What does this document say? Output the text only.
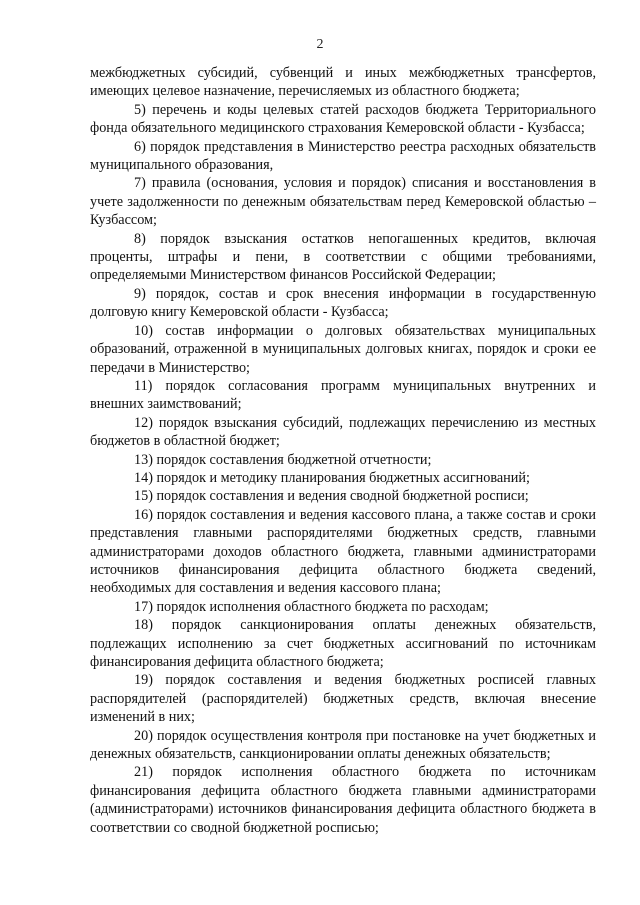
2

межбюджетных субсидий, субвенций и иных межбюджетных трансфертов, имеющих целевое назначение, перечисляемых из областного бюджета;

5) перечень и коды целевых статей расходов бюджета Территориального фонда обязательного медицинского страхования Кемеровской области - Кузбасса;

6) порядок представления в Министерство реестра расходных обязательств муниципального образования,

7) правила (основания, условия и порядок) списания и восстановления в учете задолженности по денежным обязательствам перед Кемеровской областью – Кузбассом;

8) порядок взыскания остатков непогашенных кредитов, включая проценты, штрафы и пени, в соответствии с общими требованиями, определяемыми Министерством финансов Российской Федерации;

9) порядок, состав и срок внесения информации в государственную долговую книгу Кемеровской области - Кузбасса;

10) состав информации о долговых обязательствах муниципальных образований, отраженной в муниципальных долговых книгах, порядок и сроки ее передачи в Министерство;

11) порядок согласования программ муниципальных внутренних и внешних заимствований;

12) порядок взыскания субсидий, подлежащих перечислению из местных бюджетов в областной бюджет;

13) порядок составления бюджетной отчетности;

14) порядок и методику планирования бюджетных ассигнований;

15) порядок составления и ведения сводной бюджетной росписи;

16) порядок составления и ведения кассового плана, а также состав и сроки представления главными распорядителями бюджетных средств, главными администраторами доходов областного бюджета, главными администраторами источников финансирования дефицита областного бюджета сведений, необходимых для составления и ведения кассового плана;

17) порядок исполнения областного бюджета по расходам;

18) порядок санкционирования оплаты денежных обязательств, подлежащих исполнению за счет бюджетных ассигнований по источникам финансирования дефицита областного бюджета;

19) порядок составления и ведения бюджетных росписей главных распорядителей (распорядителей) бюджетных средств, включая внесение изменений в них;

20) порядок осуществления контроля при постановке на учет бюджетных и денежных обязательств, санкционировании оплаты денежных обязательств;

21) порядок исполнения областного бюджета по источникам финансирования дефицита областного бюджета главными администраторами (администраторами) источников финансирования дефицита областного бюджета в соответствии со сводной бюджетной росписью;
